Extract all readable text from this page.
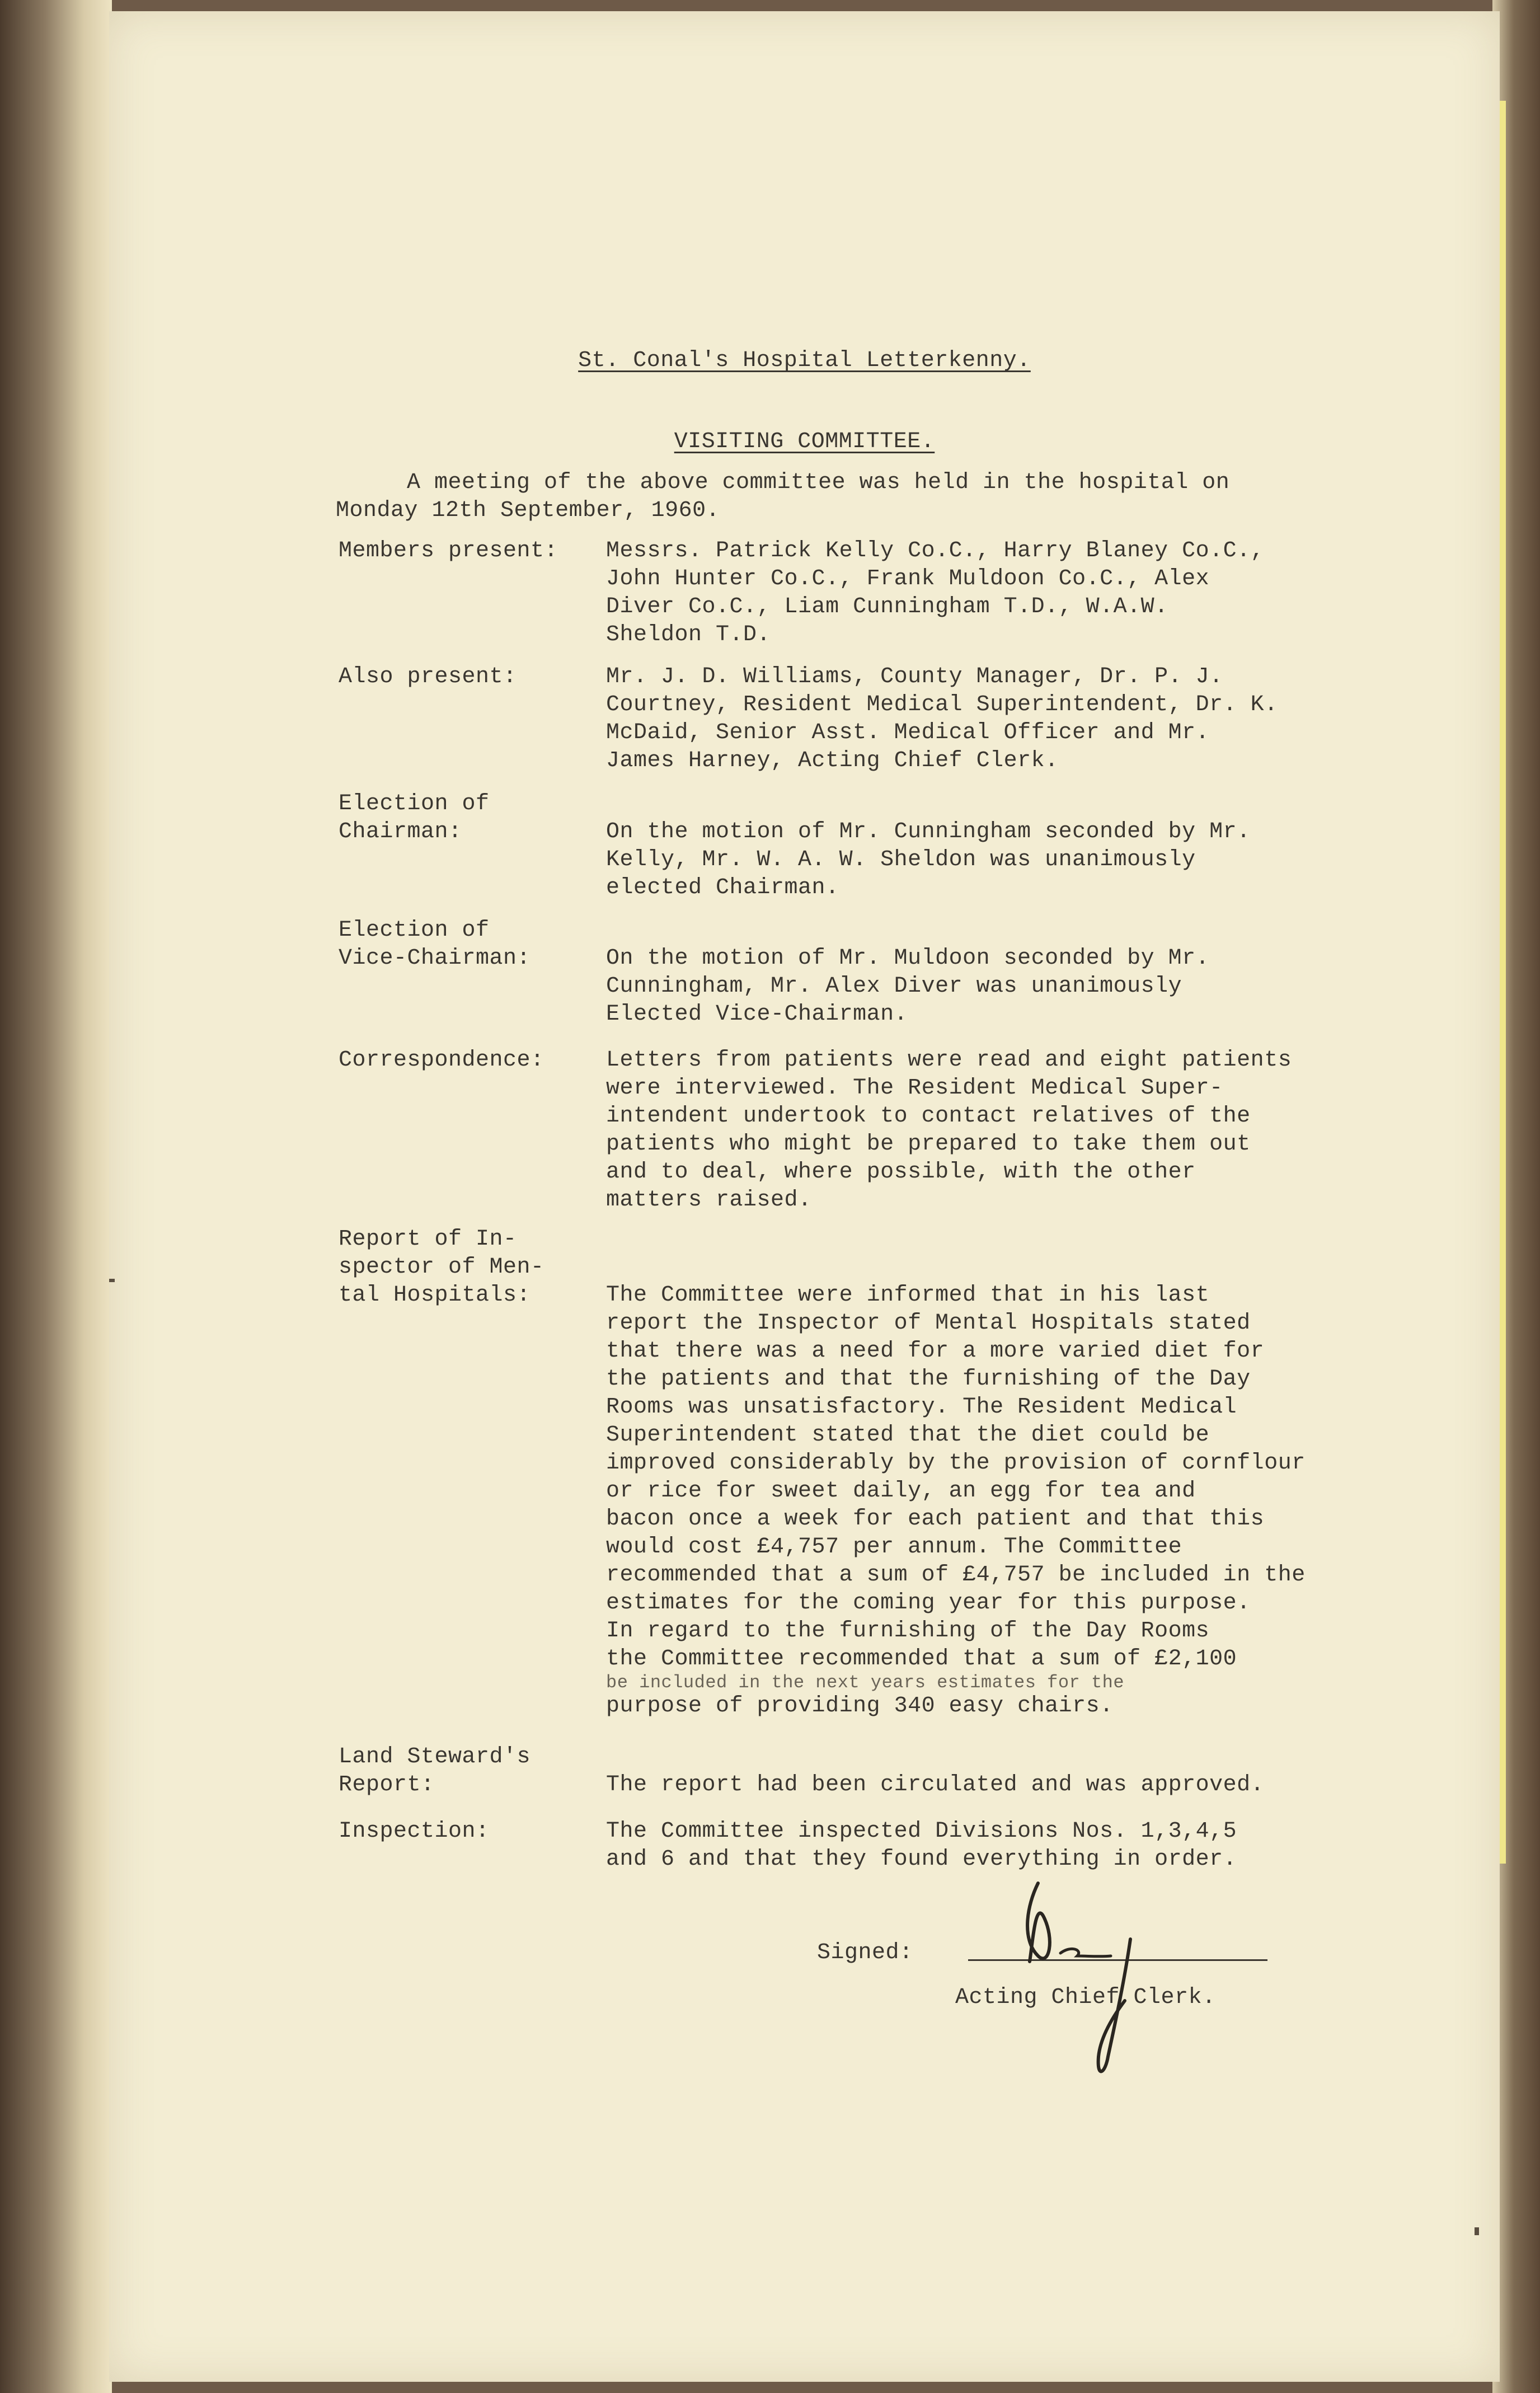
St. Conal's Hospital Letterkenny.
VISITING COMMITTEE.
A meeting of the above committee was held in the hospital on
Monday 12th September, 1960.
Members present:	Messrs. Patrick Kelly Co.C., Harry Blaney Co.C.,
John Hunter Co.C., Frank Muldoon Co.C., Alex
Diver Co.C., Liam Cunningham T.D., W.A.W.
Sheldon T.D.
Also present:	Mr. J. D. Williams, County Manager, Dr. P. J.
Courtney, Resident Medical Superintendent, Dr. K.
McDaid, Senior Asst. Medical Officer and Mr.
James Harney, Acting Chief Clerk.
Election of
Chairman:	On the motion of Mr. Cunningham seconded by Mr.
Kelly, Mr. W. A. W. Sheldon was unanimously
elected Chairman.
Election of
Vice-Chairman:	On the motion of Mr. Muldoon seconded by Mr.
Cunningham, Mr. Alex Diver was unanimously
Elected Vice-Chairman.
Correspondence:	Letters from patients were read and eight patients
were interviewed. The Resident Medical Super-
intendent undertook to contact relatives of the
patients who might be prepared to take them out
and to deal, where possible, with the other
matters raised.
Report of In-
spector of Men-
tal Hospitals:	The Committee were informed that in his last
report the Inspector of Mental Hospitals stated
that there was a need for a more varied diet for
the patients and that the furnishing of the Day
Rooms was unsatisfactory. The Resident Medical
Superintendent stated that the diet could be
improved considerably by the provision of cornflour
or rice for sweet daily, an egg for tea and
bacon once a week for each patient and that this
would cost £4,757 per annum. The Committee
recommended that a sum of £4,757 be included in the
estimates for the coming year for this purpose.
In regard to the furnishing of the Day Rooms
the Committee recommended that a sum of £2,100
be included in the next years estimates for the
purpose of providing 340 easy chairs.
Land Steward's
Report:	The report had been circulated and was approved.
Inspection:	The Committee inspected Divisions Nos. 1,3,4,5
and 6 and that they found everything in order.
Signed:
Acting Chief Clerk.
